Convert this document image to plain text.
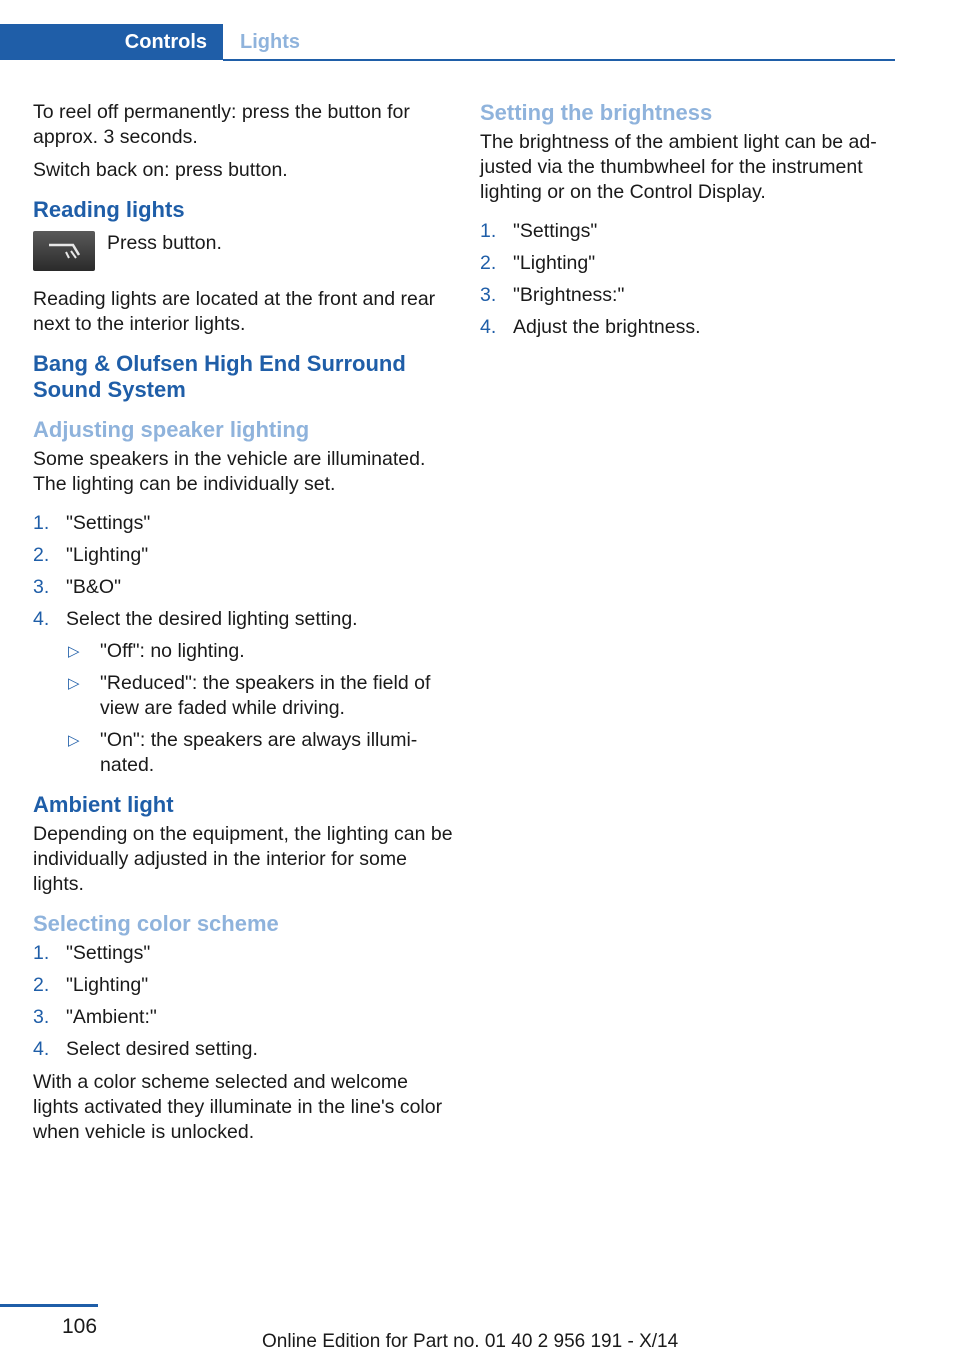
Controls	Lights

To reel off permanently: press the button for approx. 3 seconds.

Switch back on: press button.

Reading lights
Press button.

Reading lights are located at the front and rear next to the interior lights.

Bang & Olufsen High End Surround Sound System
Adjusting speaker lighting

Some speakers in the vehicle are illuminated. The lighting can be individually set.

1. "Settings"
2. "Lighting"
3. "B&O"
4. Select the desired lighting setting.
▷ "Off": no lighting.
▷ "Reduced": the speakers in the field of view are faded while driving.
▷ "On": the speakers are always illumi-nated.
Ambient light

Depending on the equipment, the lighting can be individually adjusted in the interior for some lights.

Selecting color scheme
1. "Settings"
2. "Lighting"
3. "Ambient:"
4. Select desired setting.

With a color scheme selected and welcome lights activated they illuminate in the line's color when vehicle is unlocked.

Setting the brightness

The brightness of the ambient light can be ad-justed via the thumbwheel for the instrument lighting or on the Control Display.

1. "Settings"
2. "Lighting"
3. "Brightness:"
4. Adjust the brightness.
106
Online Edition for Part no. 01 40 2 956 191 - X/14
